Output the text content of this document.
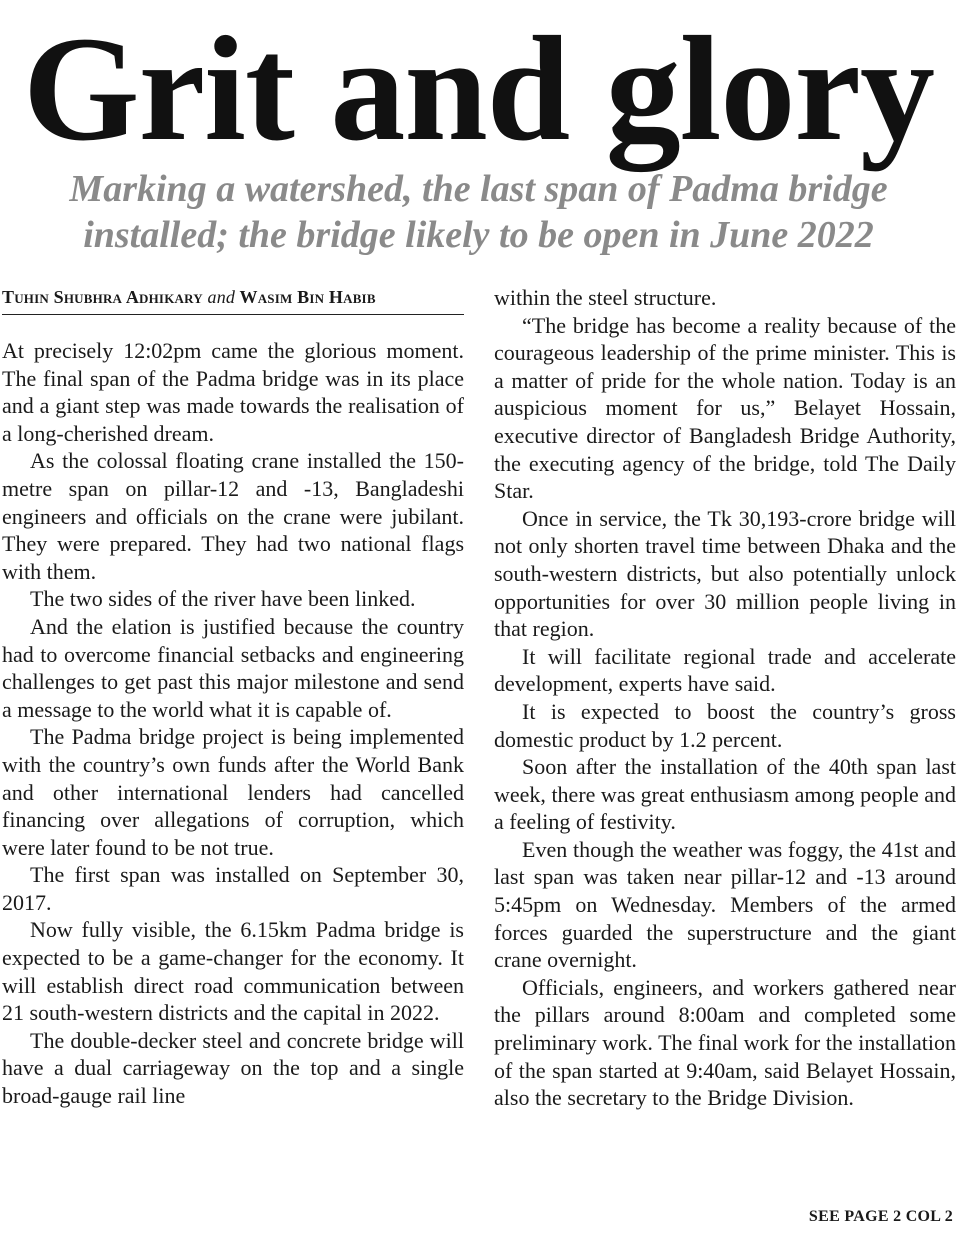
Grit and glory
Marking a watershed, the last span of Padma bridge installed; the bridge likely to be open in June 2022
Tuhin Shubhra Adhikary and Wasim Bin Habib

At precisely 12:02pm came the glorious moment. The final span of the Padma bridge was in its place and a giant step was made towards the realisation of a long-cherished dream.

As the colossal floating crane installed the 150-metre span on pillar-12 and -13, Bangladeshi engineers and officials on the crane were jubilant. They were prepared. They had two national flags with them.

The two sides of the river have been linked.

And the elation is justified because the country had to overcome financial setbacks and engineering challenges to get past this major milestone and send a message to the world what it is capable of.

The Padma bridge project is being implemented with the country’s own funds after the World Bank and other international lenders had cancelled financing over allegations of corruption, which were later found to be not true.

The first span was installed on September 30, 2017.

Now fully visible, the 6.15km Padma bridge is expected to be a game-changer for the economy. It will establish direct road communication between 21 south-western districts and the capital in 2022.

The double-decker steel and concrete bridge will have a dual carriageway on the top and a single broad-gauge rail line

within the steel structure.

“The bridge has become a reality because of the courageous leadership of the prime minister. This is a matter of pride for the whole nation. Today is an auspicious moment for us,” Belayet Hossain, executive director of Bangladesh Bridge Authority, the executing agency of the bridge, told The Daily Star.

Once in service, the Tk 30,193-crore bridge will not only shorten travel time between Dhaka and the south-western districts, but also potentially unlock opportunities for over 30 million people living in that region.

It will facilitate regional trade and accelerate development, experts have said.

It is expected to boost the country’s gross domestic product by 1.2 percent.

Soon after the installation of the 40th span last week, there was great enthusiasm among people and a feeling of festivity.

Even though the weather was foggy, the 41st and last span was taken near pillar-12 and -13 around 5:45pm on Wednesday. Members of the armed forces guarded the superstructure and the giant crane overnight.

Officials, engineers, and workers gathered near the pillars around 8:00am and completed some preliminary work. The final work for the installation of the span started at 9:40am, said Belayet Hossain, also the secretary to the Bridge Division.

SEE PAGE 2 COL 2
